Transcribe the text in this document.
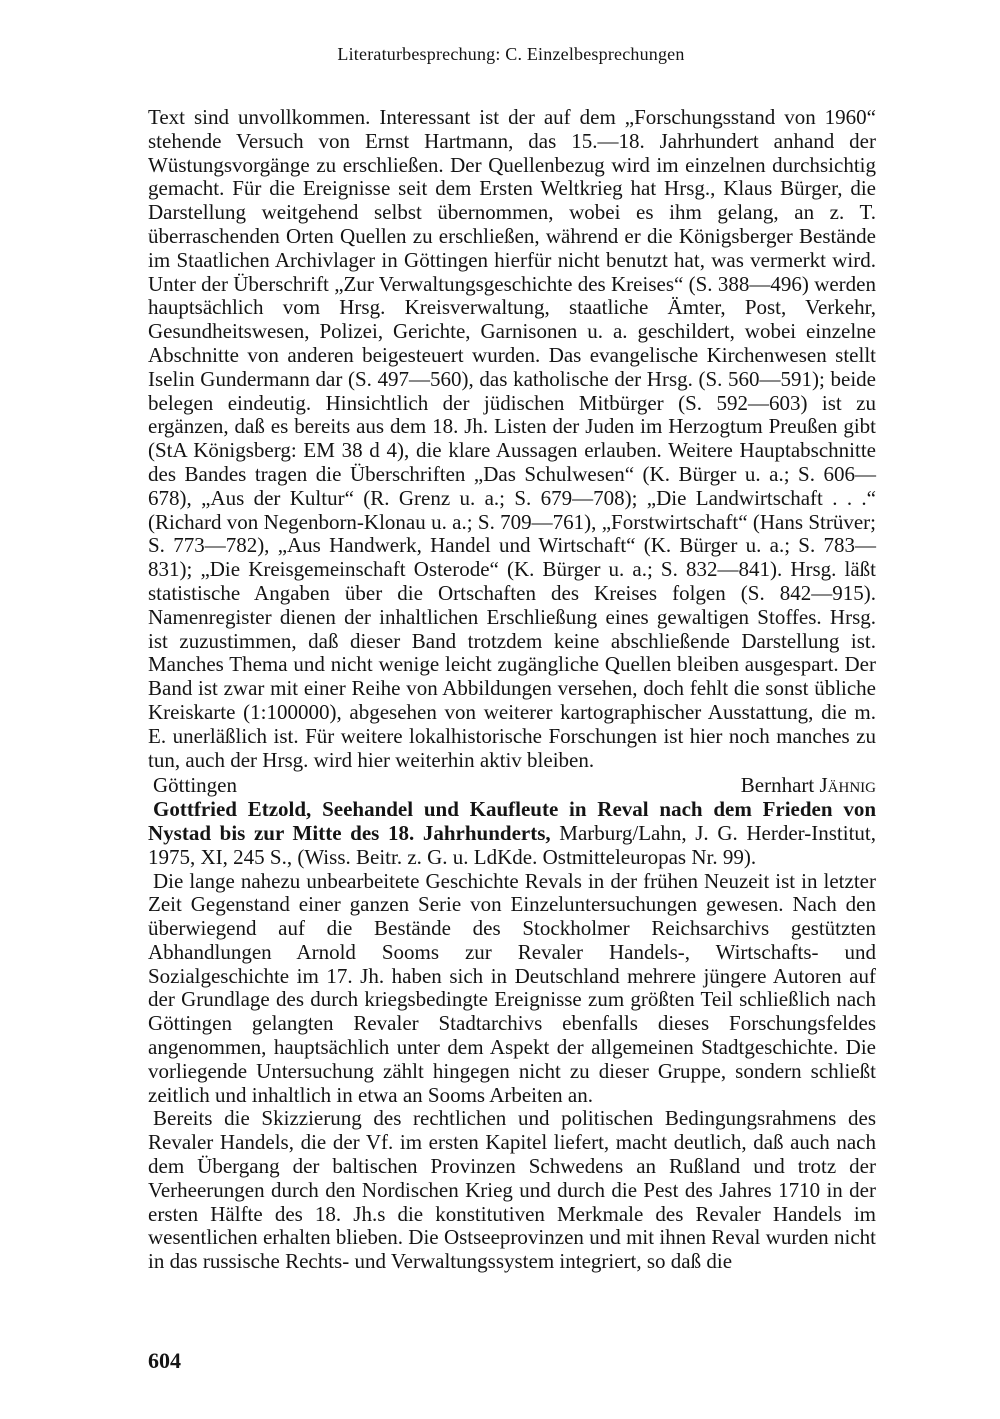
Literaturbesprechung: C. Einzelbesprechungen

Text sind unvollkommen. Interessant ist der auf dem „Forschungsstand von 1960“ stehende Versuch von Ernst Hartmann, das 15.—18. Jahrhundert anhand der Wüstungsvorgänge zu erschließen. Der Quellenbezug wird im einzelnen durchsichtig gemacht. Für die Ereignisse seit dem Ersten Weltkrieg hat Hrsg., Klaus Bürger, die Darstellung weitgehend selbst übernommen, wobei es ihm gelang, an z. T. überraschenden Orten Quellen zu erschließen, während er die Königsberger Bestände im Staatlichen Archivlager in Göttingen hierfür nicht benutzt hat, was vermerkt wird. Unter der Überschrift „Zur Verwaltungsgeschichte des Kreises“ (S. 388—496) werden hauptsächlich vom Hrsg. Kreisverwaltung, staatliche Ämter, Post, Verkehr, Gesundheitswesen, Polizei, Gerichte, Garnisonen u. a. geschildert, wobei einzelne Abschnitte von anderen beigesteuert wurden. Das evangelische Kirchenwesen stellt Iselin Gundermann dar (S. 497—560), das katholische der Hrsg. (S. 560—591); beide belegen eindeutig. Hinsichtlich der jüdischen Mitbürger (S. 592—603) ist zu ergänzen, daß es bereits aus dem 18. Jh. Listen der Juden im Herzogtum Preußen gibt (StA Königsberg: EM 38 d 4), die klare Aussagen erlauben. Weitere Hauptabschnitte des Bandes tragen die Überschriften „Das Schulwesen“ (K. Bürger u. a.; S. 606—678), „Aus der Kultur“ (R. Grenz u. a.; S. 679—708); „Die Landwirtschaft . . .“ (Richard von Negenborn-Klonau u. a.; S. 709—761), „Forstwirtschaft“ (Hans Strüver; S. 773—782), „Aus Handwerk, Handel und Wirtschaft“ (K. Bürger u. a.; S. 783—831); „Die Kreisgemeinschaft Osterode“ (K. Bürger u. a.; S. 832—841). Hrsg. läßt statistische Angaben über die Ortschaften des Kreises folgen (S. 842—915). Namenregister dienen der inhaltlichen Erschließung eines gewaltigen Stoffes. Hrsg. ist zuzustimmen, daß dieser Band trotzdem keine abschließende Darstellung ist. Manches Thema und nicht wenige leicht zugängliche Quellen bleiben ausgespart. Der Band ist zwar mit einer Reihe von Abbildungen versehen, doch fehlt die sonst übliche Kreiskarte (1:100000), abgesehen von weiterer kartographischer Ausstattung, die m. E. unerläßlich ist. Für weitere lokalhistorische Forschungen ist hier noch manches zu tun, auch der Hrsg. wird hier weiterhin aktiv bleiben.

Göttingen	Bernhart Jähnig

Gottfried Etzold, Seehandel und Kaufleute in Reval nach dem Frieden von Nystad bis zur Mitte des 18. Jahrhunderts, Marburg/Lahn, J. G. Herder-Institut, 1975, XI, 245 S., (Wiss. Beitr. z. G. u. LdKde. Ostmitteleuropas Nr. 99).

Die lange nahezu unbearbeitete Geschichte Revals in der frühen Neuzeit ist in letzter Zeit Gegenstand einer ganzen Serie von Einzeluntersuchungen gewesen. Nach den überwiegend auf die Bestände des Stockholmer Reichsarchivs gestützten Abhandlungen Arnold Sooms zur Revaler Handels-, Wirtschafts- und Sozialgeschichte im 17. Jh. haben sich in Deutschland mehrere jüngere Autoren auf der Grundlage des durch kriegsbedingte Ereignisse zum größten Teil schließlich nach Göttingen gelangten Revaler Stadtarchivs ebenfalls dieses Forschungsfeldes angenommen, hauptsächlich unter dem Aspekt der allgemeinen Stadtgeschichte. Die vorliegende Untersuchung zählt hingegen nicht zu dieser Gruppe, sondern schließt zeitlich und inhaltlich in etwa an Sooms Arbeiten an.

Bereits die Skizzierung des rechtlichen und politischen Bedingungsrahmens des Revaler Handels, die der Vf. im ersten Kapitel liefert, macht deutlich, daß auch nach dem Übergang der baltischen Provinzen Schwedens an Rußland und trotz der Verheerungen durch den Nordischen Krieg und durch die Pest des Jahres 1710 in der ersten Hälfte des 18. Jh.s die konstitutiven Merkmale des Revaler Handels im wesentlichen erhalten blieben. Die Ostseeprovinzen und mit ihnen Reval wurden nicht in das russische Rechts- und Verwaltungssystem integriert, so daß die

604
